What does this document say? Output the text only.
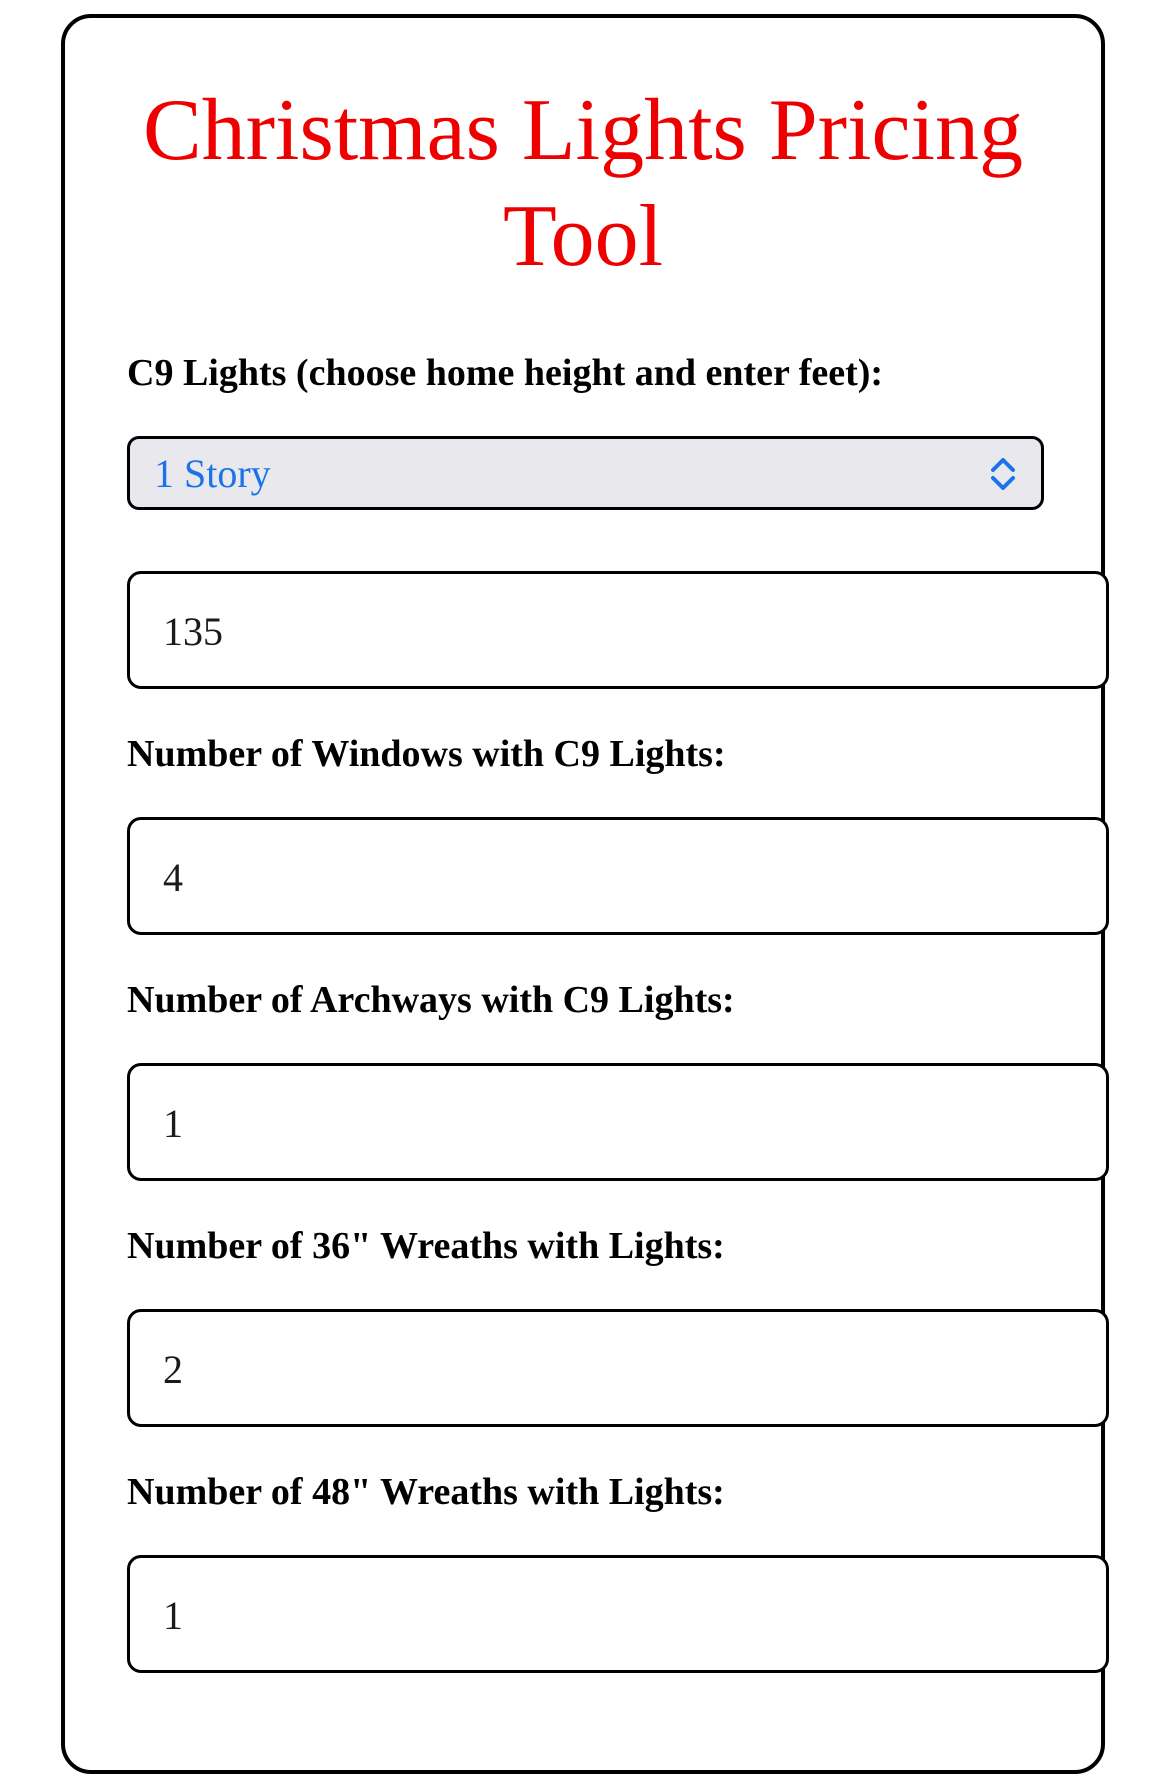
Christmas Lights Pricing Tool
C9 Lights (choose home height and enter feet):
1 Story
135
Number of Windows with C9 Lights:
4
Number of Archways with C9 Lights:
1
Number of 36" Wreaths with Lights:
2
Number of 48" Wreaths with Lights:
1
